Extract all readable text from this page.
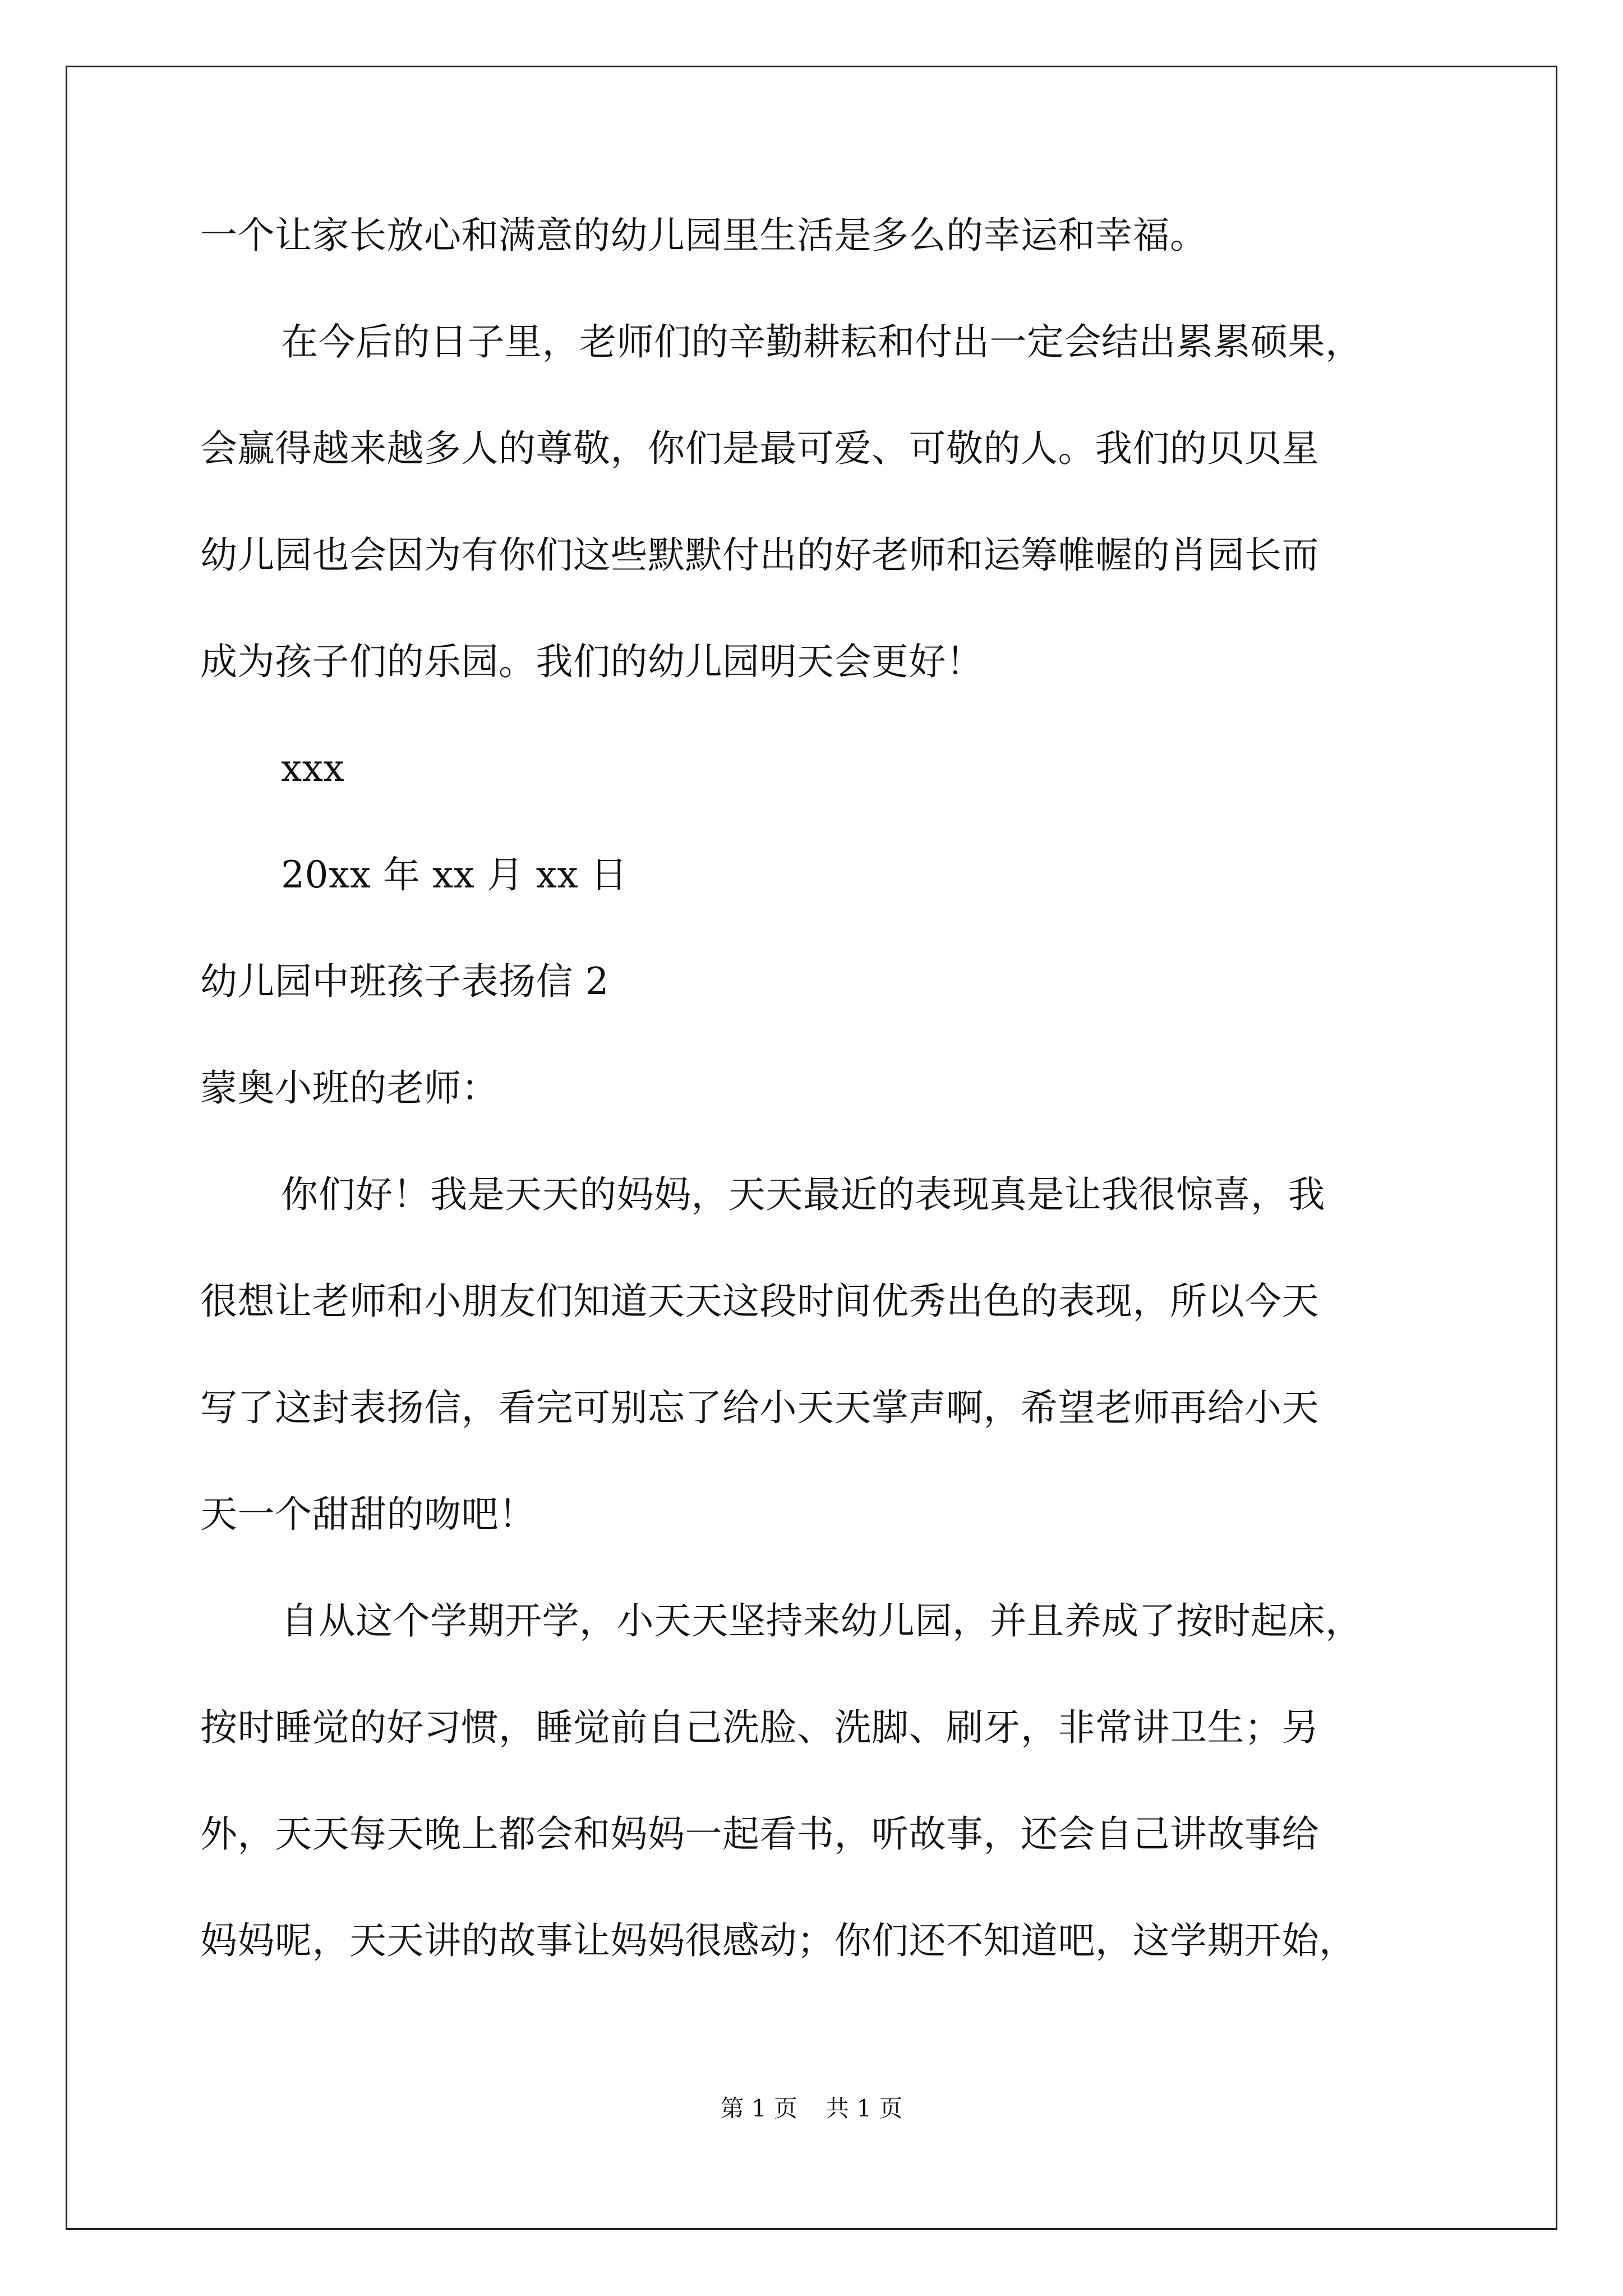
一个让家长放心和满意的幼儿园里生活是多么的幸运和幸福。
在今后的日子里，老师们的辛勤耕耘和付出一定会结出累累硕果，
会赢得越来越多人的尊敬，你们是最可爱、可敬的人。我们的贝贝星
幼儿园也会因为有你们这些默默付出的好老师和运筹帷幄的肖园长而
成为孩子们的乐园。我们的幼儿园明天会更好！
xxx
20xx 年 xx 月 xx 日
幼儿园中班孩子表扬信 2
蒙奥小班的老师：
你们好！我是天天的妈妈，天天最近的表现真是让我很惊喜，我
很想让老师和小朋友们知道天天这段时间优秀出色的表现，所以今天
写了这封表扬信，看完可别忘了给小天天掌声啊，希望老师再给小天
天一个甜甜的吻吧！
自从这个学期开学，小天天坚持来幼儿园，并且养成了按时起床，
按时睡觉的好习惯，睡觉前自己洗脸、洗脚、刷牙，非常讲卫生；另
外，天天每天晚上都会和妈妈一起看书，听故事，还会自己讲故事给
妈妈呢，天天讲的故事让妈妈很感动；你们还不知道吧，这学期开始，
第 1 页 共 1 页
